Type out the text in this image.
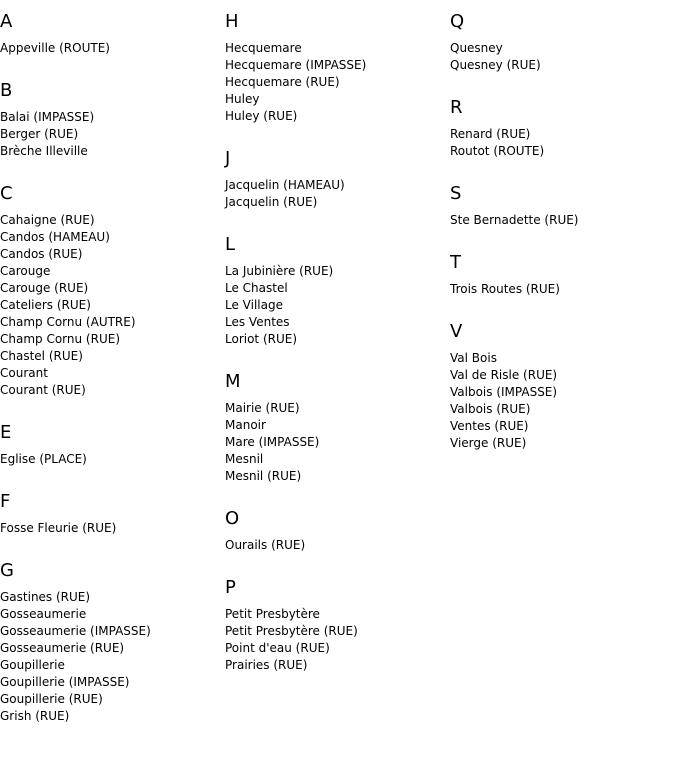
A
Appeville (ROUTE)
B
Balai (IMPASSE)
Berger (RUE)
Brèche Illeville
C
Cahaigne (RUE)
Candos (HAMEAU)
Candos (RUE)
Carouge
Carouge (RUE)
Cateliers (RUE)
Champ Cornu (AUTRE)
Champ Cornu (RUE)
Chastel (RUE)
Courant
Courant (RUE)
E
Eglise (PLACE)
F
Fosse Fleurie (RUE)
G
Gastines (RUE)
Gosseaumerie
Gosseaumerie (IMPASSE)
Gosseaumerie (RUE)
Goupillerie
Goupillerie (IMPASSE)
Goupillerie (RUE)
Grish (RUE)
H
Hecquemare
Hecquemare (IMPASSE)
Hecquemare (RUE)
Huley
Huley (RUE)
J
Jacquelin (HAMEAU)
Jacquelin (RUE)
L
La Jubinière (RUE)
Le Chastel
Le Village
Les Ventes
Loriot (RUE)
M
Mairie (RUE)
Manoir
Mare (IMPASSE)
Mesnil
Mesnil (RUE)
O
Ourails (RUE)
P
Petit Presbytère
Petit Presbytère (RUE)
Point d'eau (RUE)
Prairies (RUE)
Q
Quesney
Quesney (RUE)
R
Renard (RUE)
Routot (ROUTE)
S
Ste Bernadette (RUE)
T
Trois Routes (RUE)
V
Val Bois
Val de Risle (RUE)
Valbois (IMPASSE)
Valbois (RUE)
Ventes (RUE)
Vierge (RUE)
